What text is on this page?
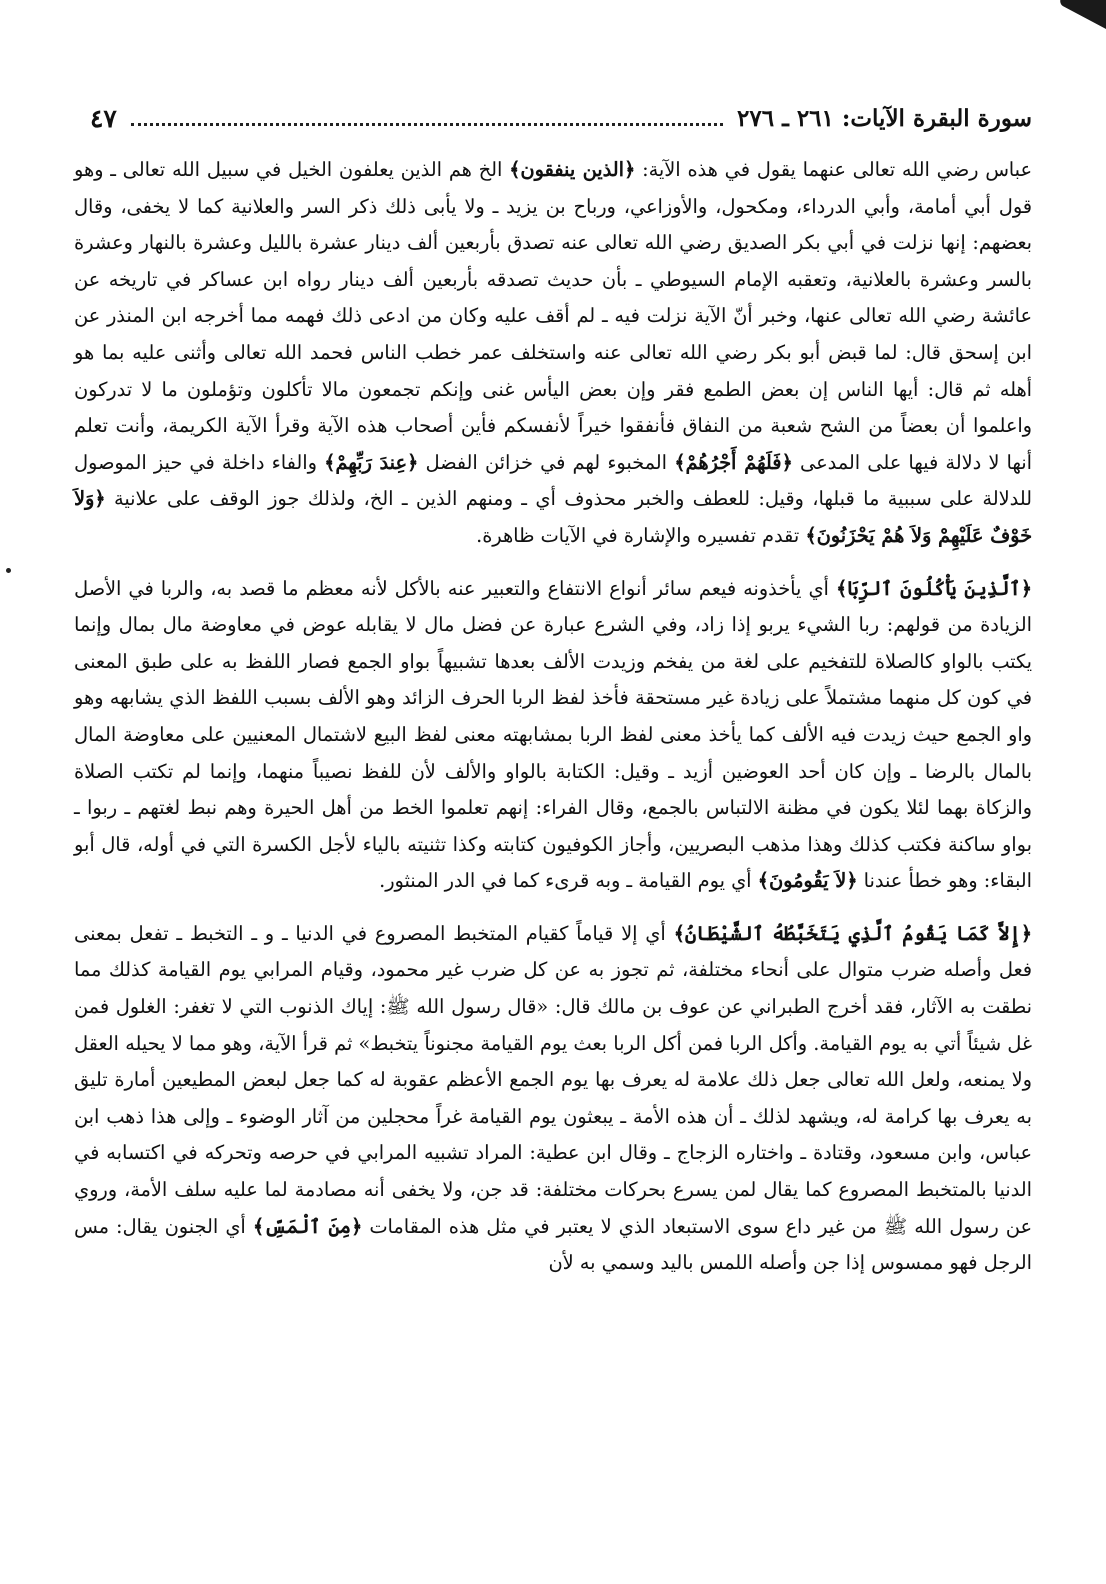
سورة البقرة الآيات:
٢٦١ ـ ٢٧٦
٤٧

عباس رضي الله تعالى عنهما يقول في هذه الآية: ﴿الذين ينفقون﴾ الخ هم الذين يعلفون الخيل في سبيل الله تعالى ـ وهو قول أبي أمامة، وأبي الدرداء، ومكحول، والأوزاعي، ورباح بن يزيد ـ ولا يأبى ذلك ذكر السر والعلانية كما لا يخفى، وقال بعضهم: إنها نزلت في أبي بكر الصديق رضي الله تعالى عنه تصدق بأربعين ألف دينار عشرة بالليل وعشرة بالنهار وعشرة بالسر وعشرة بالعلانية، وتعقبه الإمام السيوطي ـ بأن حديث تصدقه بأربعين ألف دينار رواه ابن عساكر في تاريخه عن عائشة رضي الله تعالى عنها، وخبر أنّ الآية نزلت فيه ـ لم أقف عليه وكان من ادعى ذلك فهمه مما أخرجه ابن المنذر عن ابن إسحق قال: لما قبض أبو بكر رضي الله تعالى عنه واستخلف عمر خطب الناس فحمد الله تعالى وأثنى عليه بما هو أهله ثم قال: أيها الناس إن بعض الطمع فقر وإن بعض اليأس غنى وإنكم تجمعون مالا تأكلون وتؤملون ما لا تدركون واعلموا أن بعضاً من الشح شعبة من النفاق فأنفقوا خيراً لأنفسكم فأين أصحاب هذه الآية وقرأ الآية الكريمة، وأنت تعلم أنها لا دلالة فيها على المدعى ﴿فَلَهُمْ أَجْرُهُمْ﴾ المخبوء لهم في خزائن الفضل ﴿عِندَ رَبِّهِمْ﴾ والفاء داخلة في حيز الموصول للدلالة على سببية ما قبلها، وقيل: للعطف والخبر محذوف أي ـ ومنهم الذين ـ الخ، ولذلك جوز الوقف على علانية ﴿وَلاَ خَوْفٌ عَلَيْهِمْ وَلاَ هُمْ يَحْزَنُونَ﴾ تقدم تفسيره والإشارة في الآيات ظاهرة.

﴿ٱلَّذِينَ يَأْكُلُونَ ٱلرِّبَا﴾ أي يأخذونه فيعم سائر أنواع الانتفاع والتعبير عنه بالأكل لأنه معظم ما قصد به، والربا في الأصل الزيادة من قولهم: ربا الشيء يربو إذا زاد، وفي الشرع عبارة عن فضل مال لا يقابله عوض في معاوضة مال بمال وإنما يكتب بالواو كالصلاة للتفخيم على لغة من يفخم وزيدت الألف بعدها تشبيهاً بواو الجمع فصار اللفظ به على طبق المعنى في كون كل منهما مشتملاً على زيادة غير مستحقة فأخذ لفظ الربا الحرف الزائد وهو الألف بسبب اللفظ الذي يشابهه وهو واو الجمع حيث زيدت فيه الألف كما يأخذ معنى لفظ الربا بمشابهته معنى لفظ البيع لاشتمال المعنيين على معاوضة المال بالمال بالرضا ـ وإن كان أحد العوضين أزيد ـ وقيل: الكتابة بالواو والألف لأن للفظ نصيباً منهما، وإنما لم تكتب الصلاة والزكاة بهما لئلا يكون في مظنة الالتباس بالجمع، وقال الفراء: إنهم تعلموا الخط من أهل الحيرة وهم نبط لغتهم ـ ربوا ـ بواو ساكنة فكتب كذلك وهذا مذهب البصريين، وأجاز الكوفيون كتابته وكذا تثنيته بالياء لأجل الكسرة التي في أوله، قال أبو البقاء: وهو خطأ عندنا ﴿لاَ يَقُومُونَ﴾ أي يوم القيامة ـ وبه قرىء كما في الدر المنثور.

﴿إِلاَّ كَمَا يَقُومُ ٱلَّذِي يَتَخَبَّطُهُ ٱلشَّيْطَانُ﴾ أي إلا قياماً كقيام المتخبط المصروع في الدنيا ـ و ـ التخبط ـ تفعل بمعنى فعل وأصله ضرب متوال على أنحاء مختلفة، ثم تجوز به عن كل ضرب غير محمود، وقيام المرابي يوم القيامة كذلك مما نطقت به الآثار، فقد أخرج الطبراني عن عوف بن مالك قال: «قال رسول الله ﷺ: إياك الذنوب التي لا تغفر: الغلول فمن غل شيئاً أتي به يوم القيامة. وأكل الربا فمن أكل الربا بعث يوم القيامة مجنوناً يتخبط» ثم قرأ الآية، وهو مما لا يحيله العقل ولا يمنعه، ولعل الله تعالى جعل ذلك علامة له يعرف بها يوم الجمع الأعظم عقوبة له كما جعل لبعض المطيعين أمارة تليق به يعرف بها كرامة له، ويشهد لذلك ـ أن هذه الأمة ـ يبعثون يوم القيامة غراً محجلين من آثار الوضوء ـ وإلى هذا ذهب ابن عباس، وابن مسعود، وقتادة ـ واختاره الزجاج ـ وقال ابن عطية: المراد تشبيه المرابي في حرصه وتحركه في اكتسابه في الدنيا بالمتخبط المصروع كما يقال لمن يسرع بحركات مختلفة: قد جن، ولا يخفى أنه مصادمة لما عليه سلف الأمة، وروي عن رسول الله ﷺ من غير داع سوى الاستبعاد الذي لا يعتبر في مثل هذه المقامات ﴿مِنَ ٱلْمَسِّ﴾ أي الجنون يقال: مس الرجل فهو ممسوس إذا جن وأصله اللمس باليد وسمي به لأن
